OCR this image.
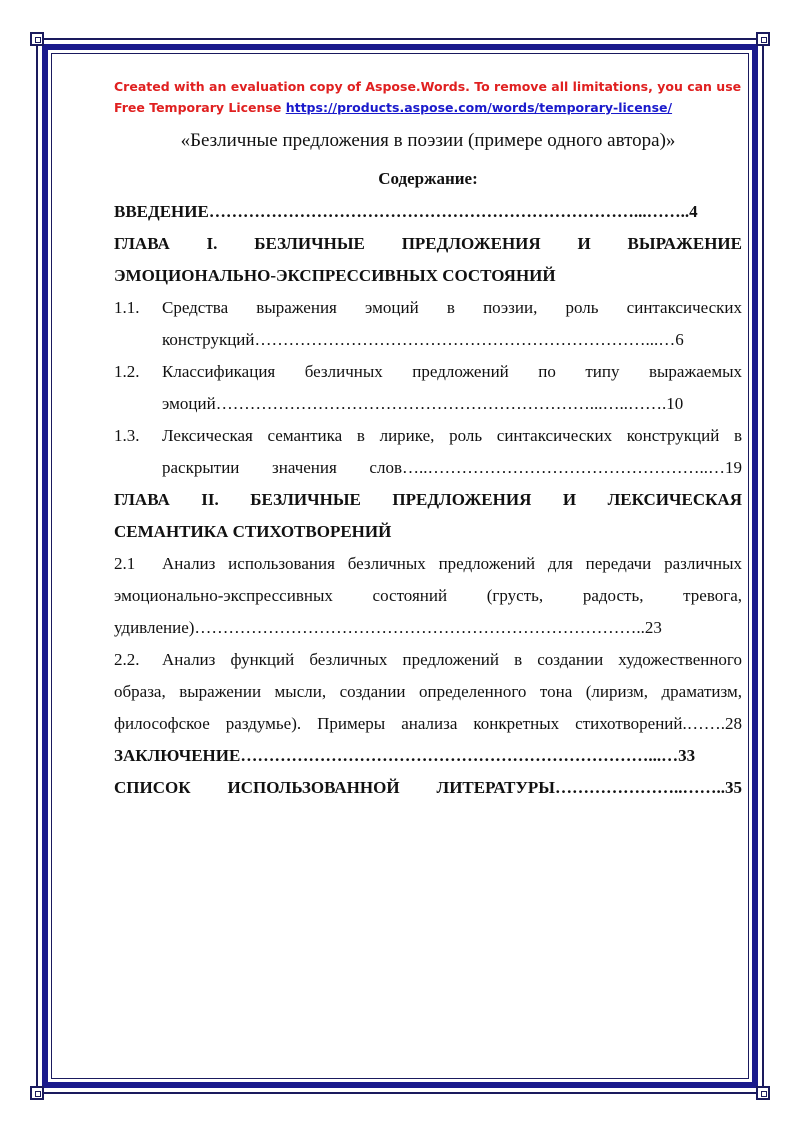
Created with an evaluation copy of Aspose.Words. To remove all limitations, you can use
Free Temporary License https://products.aspose.com/words/temporary-license/
«Безличные предложения в поэзии (примере одного автора)»
Содержание:
ВВЕДЕНИЕ…………………………………………………………………...……..4
ГЛАВА I. БЕЗЛИЧНЫЕ ПРЕДЛОЖЕНИЯ И ВЫРАЖЕНИЕ
ЭМОЦИОНАЛЬНО-ЭКСПРЕССИВНЫХ СОСТОЯНИЙ
1.1.	Средства выражения эмоций в поэзии, роль синтаксических
конструкций……………………………………………………………...…6
1.2.	Классификация безличных предложений по типу выражаемых
эмоций…………………………………………………………...…..…….10
1.3.	Лексическая семантика в лирике, роль синтаксических конструкций в
раскрытии значения слов…..…………………………………………..…19
ГЛАВА II. БЕЗЛИЧНЫЕ ПРЕДЛОЖЕНИЯ И ЛЕКСИЧЕСКАЯ
СЕМАНТИКА СТИХОТВОРЕНИЙ
2.1 Анализ использования безличных предложений для передачи различных
эмоционально-экспрессивных состояний (грусть, радость, тревога,
удивление)……………………………………………………………………..23
2.2. Анализ функций безличных предложений в создании художественного
образа, выражении мысли, создании определенного тона (лиризм, драматизм,
философское раздумье). Примеры анализа конкретных стихотворений.…….28
ЗАКЛЮЧЕНИЕ………………………………………………………………...…33
СПИСОК ИСПОЛЬЗОВАННОЙ ЛИТЕРАТУРЫ…………………..……..35
